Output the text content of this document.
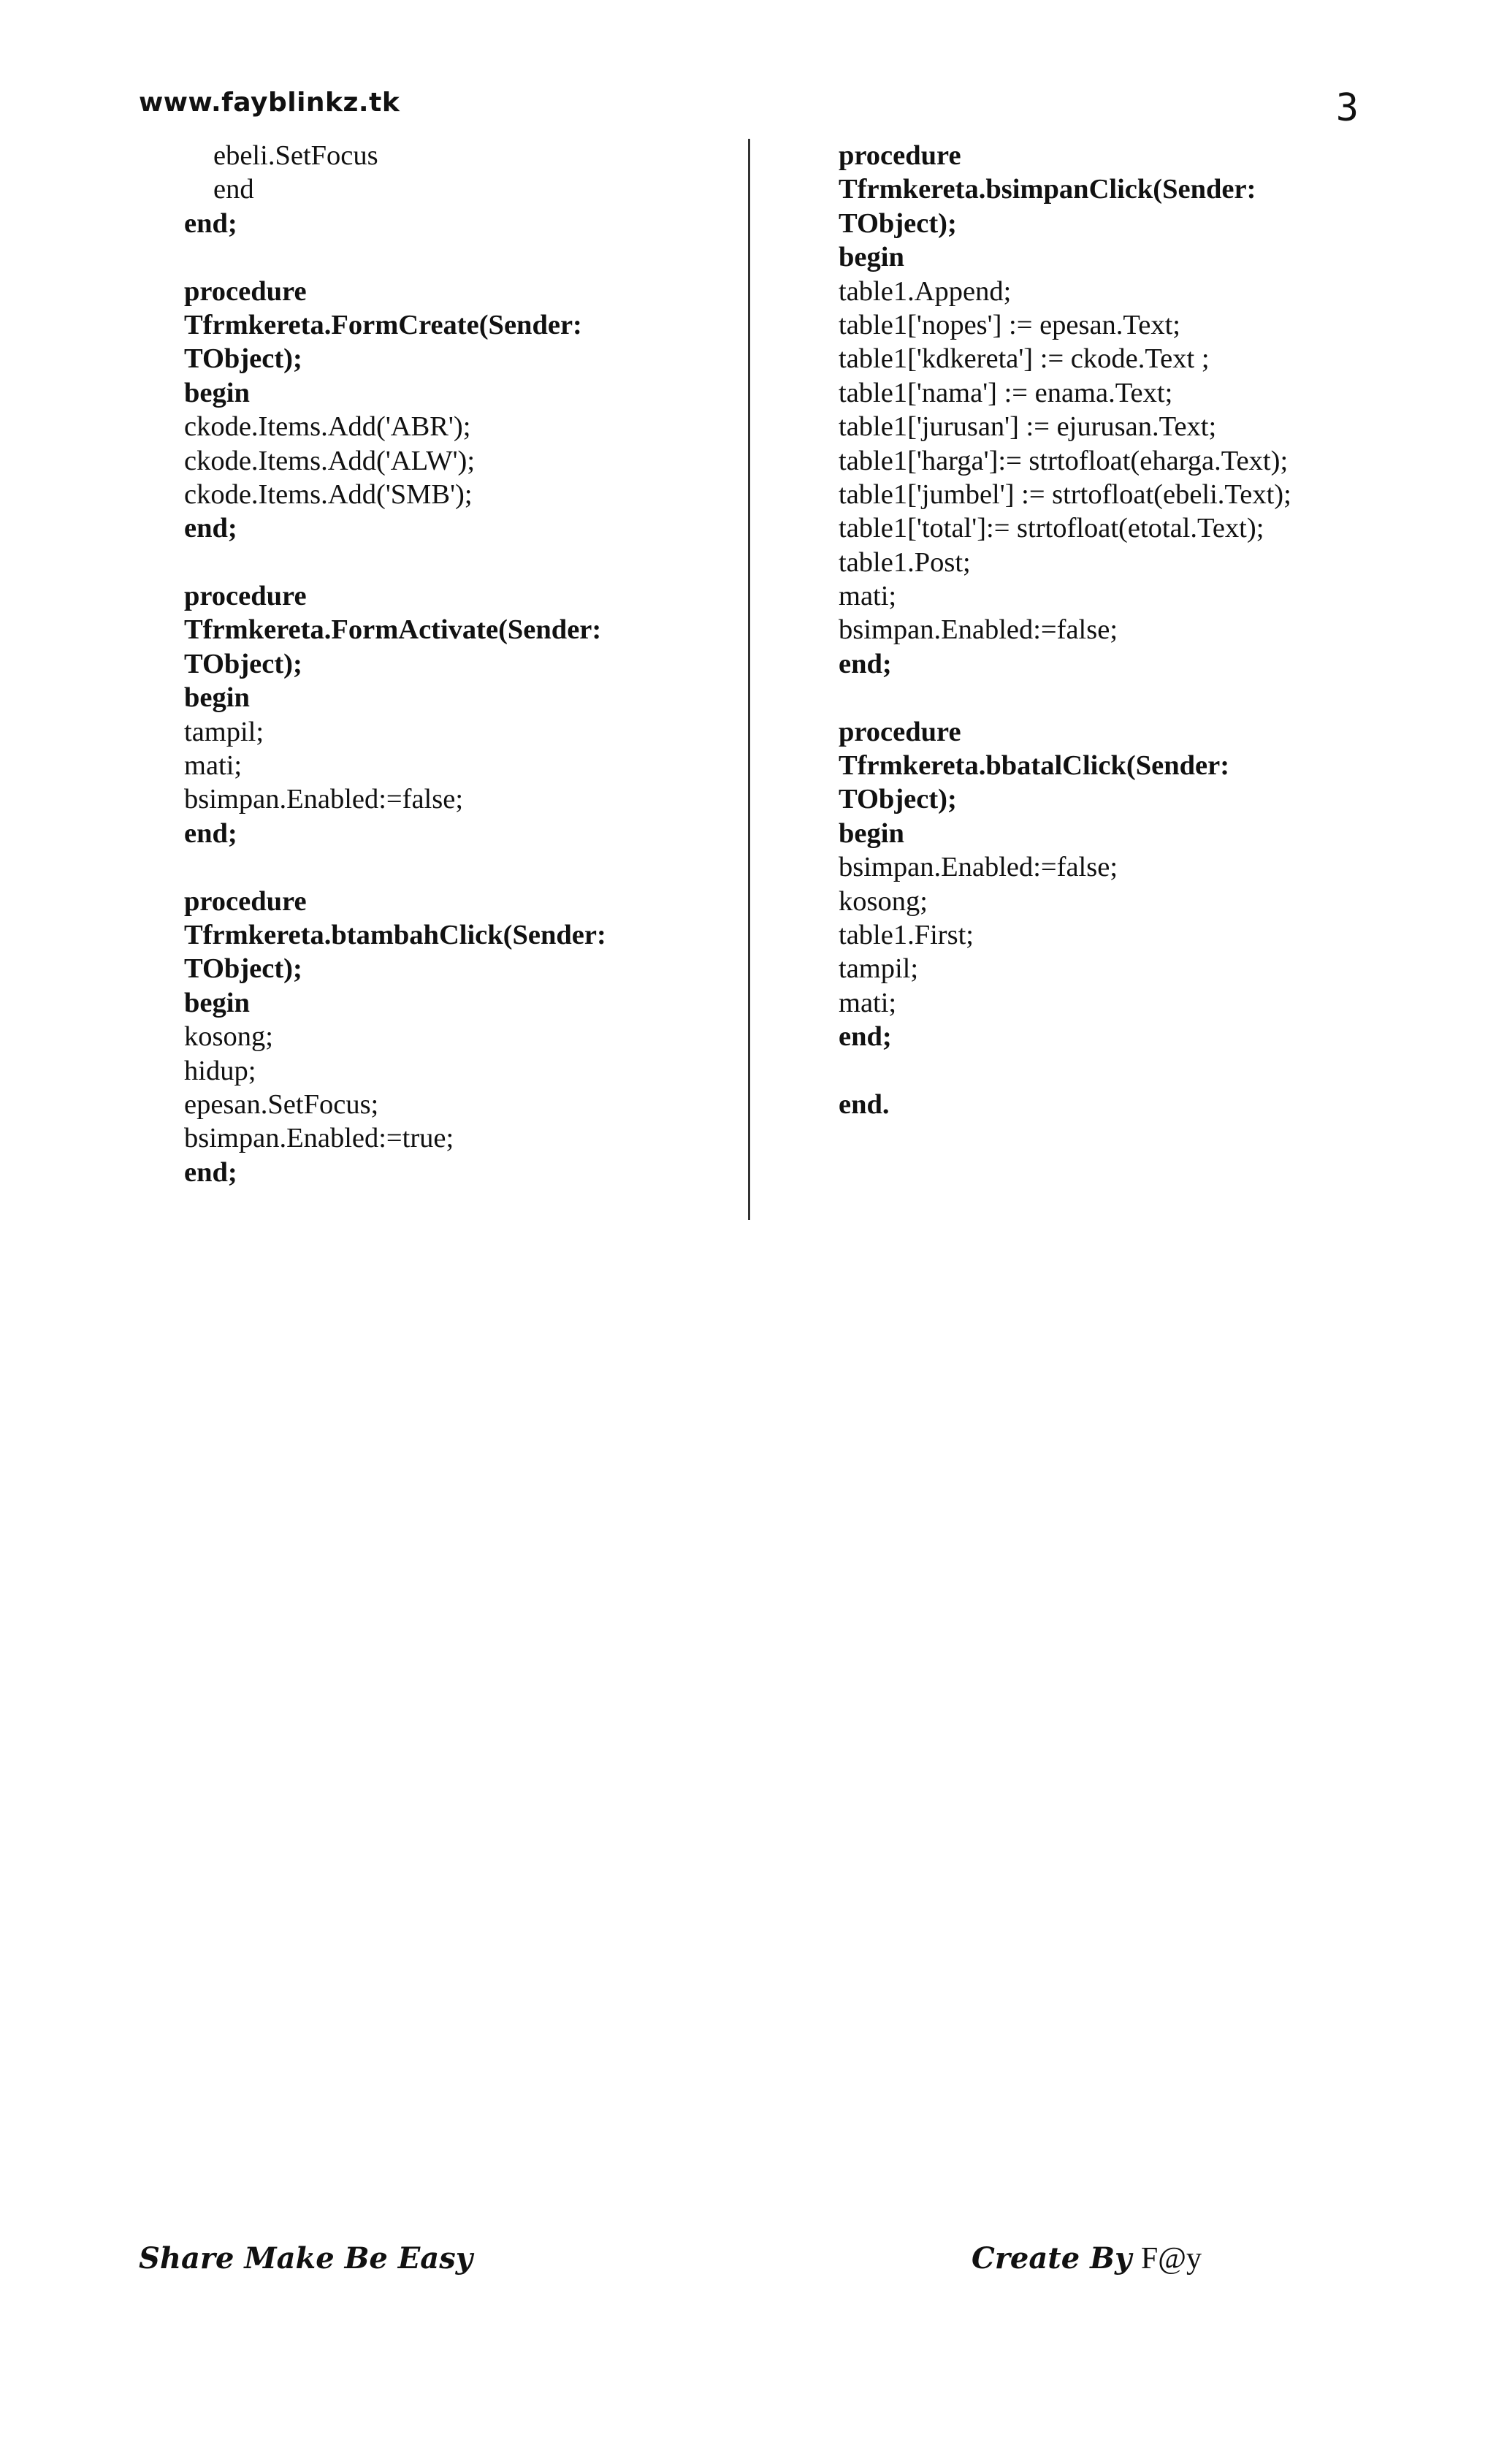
www.fayblinkz.tk	3
ebeli.SetFocus
end
end;
procedure
Tfrmkereta.FormCreate(Sender:
TObject);
begin
ckode.Items.Add('ABR');
ckode.Items.Add('ALW');
ckode.Items.Add('SMB');
end;
procedure
Tfrmkereta.FormActivate(Sender:
TObject);
begin
tampil;
mati;
bsimpan.Enabled:=false;
end;
procedure
Tfrmkereta.btambahClick(Sender:
TObject);
begin
kosong;
hidup;
epesan.SetFocus;
bsimpan.Enabled:=true;
end;
procedure
Tfrmkereta.bsimpanClick(Sender:
TObject);
begin
table1.Append;
table1['nopes'] := epesan.Text;
table1['kdkereta'] := ckode.Text ;
table1['nama'] := enama.Text;
table1['jurusan'] := ejurusan.Text;
table1['harga']:= strtofloat(eharga.Text);
table1['jumbel'] := strtofloat(ebeli.Text);
table1['total']:= strtofloat(etotal.Text);
table1.Post;
mati;
bsimpan.Enabled:=false;
end;
procedure
Tfrmkereta.bbatalClick(Sender:
TObject);
begin
bsimpan.Enabled:=false;
kosong;
table1.First;
tampil;
mati;
end;
end.
Share Make Be Easy	Create By F@y
